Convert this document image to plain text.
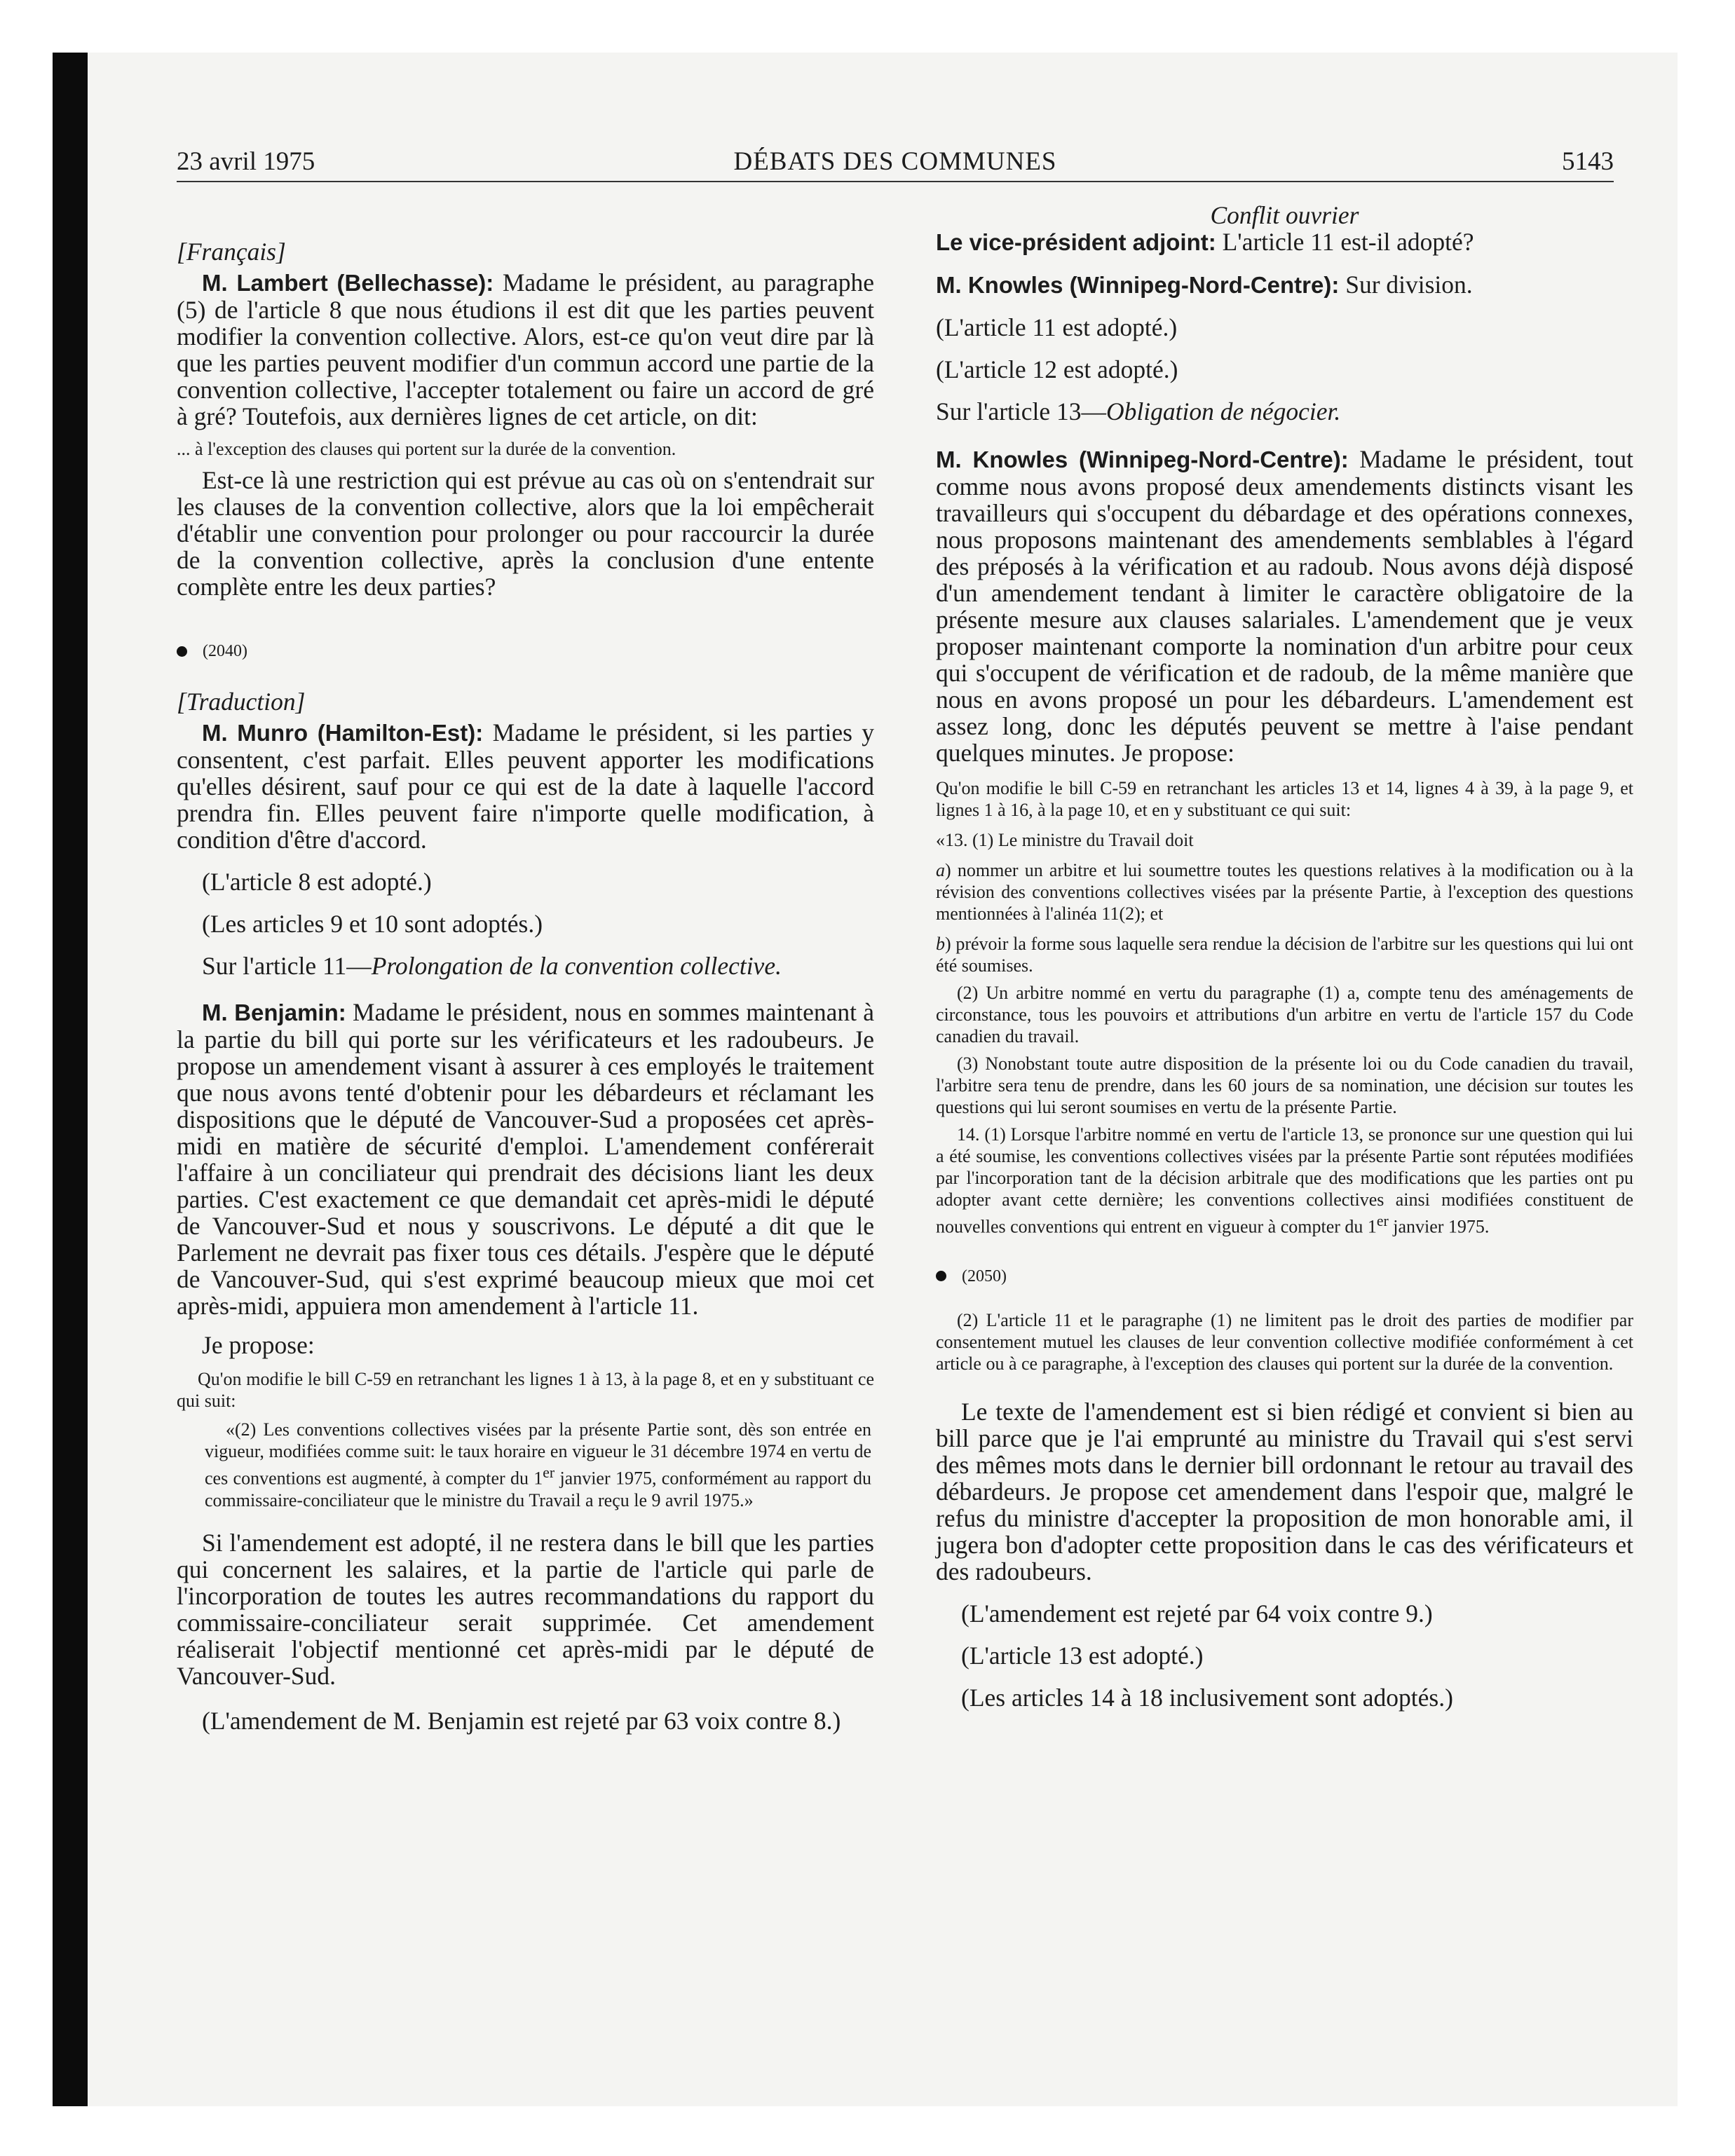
23 avril 1975	DÉBATS DES COMMUNES	5143

[Français]

M. Lambert (Bellechasse): Madame le président, au paragraphe (5) de l'article 8 que nous étudions il est dit que les parties peuvent modifier la convention collective. Alors, est-ce qu'on veut dire par là que les parties peuvent modifier d'un commun accord une partie de la convention collective, l'accepter totalement ou faire un accord de gré à gré? Toutefois, aux dernières lignes de cet article, on dit:

... à l'exception des clauses qui portent sur la durée de la convention.

Est-ce là une restriction qui est prévue au cas où on s'entendrait sur les clauses de la convention collective, alors que la loi empêcherait d'établir une convention pour prolonger ou pour raccourcir la durée de la convention collective, après la conclusion d'une entente complète entre les deux parties?

(2040)

[Traduction]

M. Munro (Hamilton-Est): Madame le président, si les parties y consentent, c'est parfait. Elles peuvent apporter les modifications qu'elles désirent, sauf pour ce qui est de la date à laquelle l'accord prendra fin. Elles peuvent faire n'importe quelle modification, à condition d'être d'accord.

(L'article 8 est adopté.)

(Les articles 9 et 10 sont adoptés.)

Sur l'article 11—Prolongation de la convention collective.

M. Benjamin: Madame le président, nous en sommes maintenant à la partie du bill qui porte sur les vérificateurs et les radoubeurs. Je propose un amendement visant à assurer à ces employés le traitement que nous avons tenté d'obtenir pour les débardeurs et réclamant les dispositions que le député de Vancouver-Sud a proposées cet après-midi en matière de sécurité d'emploi. L'amendement conférerait l'affaire à un conciliateur qui prendrait des décisions liant les deux parties. C'est exactement ce que demandait cet après-midi le député de Vancouver-Sud et nous y souscrivons. Le député a dit que le Parlement ne devrait pas fixer tous ces détails. J'espère que le député de Vancouver-Sud, qui s'est exprimé beaucoup mieux que moi cet après-midi, appuiera mon amendement à l'article 11.

Je propose:

Qu'on modifie le bill C-59 en retranchant les lignes 1 à 13, à la page 8, et en y substituant ce qui suit:

«(2) Les conventions collectives visées par la présente Partie sont, dès son entrée en vigueur, modifiées comme suit: le taux horaire en vigueur le 31 décembre 1974 en vertu de ces conventions est augmenté, à compter du 1er janvier 1975, conformément au rapport du commissaire-conciliateur que le ministre du Travail a reçu le 9 avril 1975.»

Si l'amendement est adopté, il ne restera dans le bill que les parties qui concernent les salaires, et la partie de l'article qui parle de l'incorporation de toutes les autres recommandations du rapport du commissaire-conciliateur serait supprimée. Cet amendement réaliserait l'objectif mentionné cet après-midi par le député de Vancouver-Sud.

(L'amendement de M. Benjamin est rejeté par 63 voix contre 8.)

Conflit ouvrier

Le vice-président adjoint: L'article 11 est-il adopté?

M. Knowles (Winnipeg-Nord-Centre): Sur division.

(L'article 11 est adopté.)

(L'article 12 est adopté.)

Sur l'article 13—Obligation de négocier.

M. Knowles (Winnipeg-Nord-Centre): Madame le président, tout comme nous avons proposé deux amendements distincts visant les travailleurs qui s'occupent du débardage et des opérations connexes, nous proposons maintenant des amendements semblables à l'égard des préposés à la vérification et au radoub. Nous avons déjà disposé d'un amendement tendant à limiter le caractère obligatoire de la présente mesure aux clauses salariales. L'amendement que je veux proposer maintenant comporte la nomination d'un arbitre pour ceux qui s'occupent de vérification et de radoub, de la même manière que nous en avons proposé un pour les débardeurs. L'amendement est assez long, donc les députés peuvent se mettre à l'aise pendant quelques minutes. Je propose:

Qu'on modifie le bill C-59 en retranchant les articles 13 et 14, lignes 4 à 39, à la page 9, et lignes 1 à 16, à la page 10, et en y substituant ce qui suit:

«13. (1) Le ministre du Travail doit

a) nommer un arbitre et lui soumettre toutes les questions relatives à la modification ou à la révision des conventions collectives visées par la présente Partie, à l'exception des questions mentionnées à l'alinéa 11(2); et

b) prévoir la forme sous laquelle sera rendue la décision de l'arbitre sur les questions qui lui ont été soumises.

(2) Un arbitre nommé en vertu du paragraphe (1) a, compte tenu des aménagements de circonstance, tous les pouvoirs et attributions d'un arbitre en vertu de l'article 157 du Code canadien du travail.

(3) Nonobstant toute autre disposition de la présente loi ou du Code canadien du travail, l'arbitre sera tenu de prendre, dans les 60 jours de sa nomination, une décision sur toutes les questions qui lui seront soumises en vertu de la présente Partie.

14. (1) Lorsque l'arbitre nommé en vertu de l'article 13, se prononce sur une question qui lui a été soumise, les conventions collectives visées par la présente Partie sont réputées modifiées par l'incorporation tant de la décision arbitrale que des modifications que les parties ont pu adopter avant cette dernière; les conventions collectives ainsi modifiées constituent de nouvelles conventions qui entrent en vigueur à compter du 1er janvier 1975.

(2050)

(2) L'article 11 et le paragraphe (1) ne limitent pas le droit des parties de modifier par consentement mutuel les clauses de leur convention collective modifiée conformément à cet article ou à ce paragraphe, à l'exception des clauses qui portent sur la durée de la convention.

Le texte de l'amendement est si bien rédigé et convient si bien au bill parce que je l'ai emprunté au ministre du Travail qui s'est servi des mêmes mots dans le dernier bill ordonnant le retour au travail des débardeurs. Je propose cet amendement dans l'espoir que, malgré le refus du ministre d'accepter la proposition de mon honorable ami, il jugera bon d'adopter cette proposition dans le cas des vérificateurs et des radoubeurs.

(L'amendement est rejeté par 64 voix contre 9.)

(L'article 13 est adopté.)

(Les articles 14 à 18 inclusivement sont adoptés.)
